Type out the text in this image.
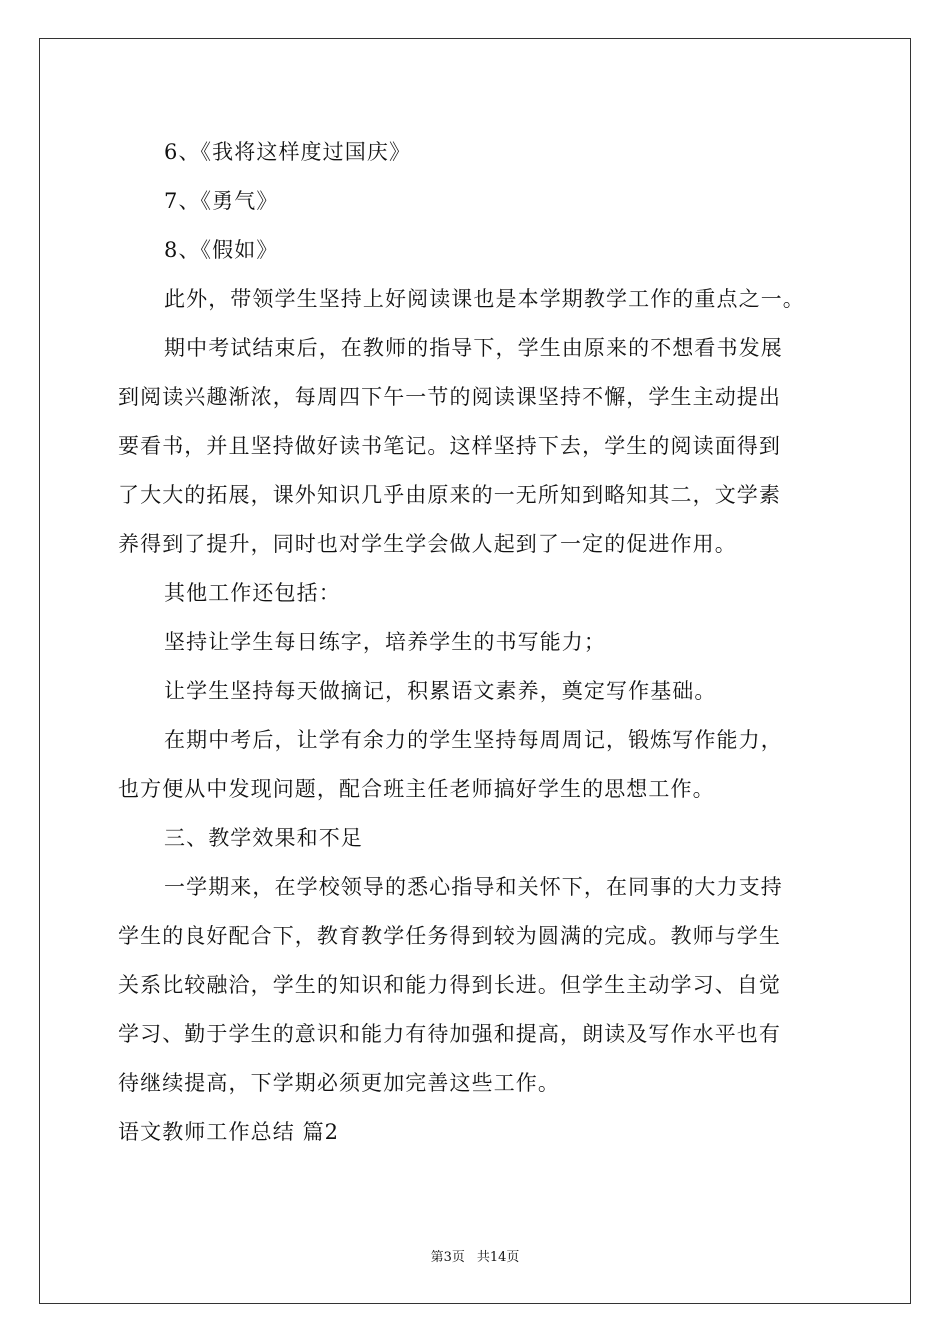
6、《我将这样度过国庆》
7、《勇气》
8、《假如》
此外，带领学生坚持上好阅读课也是本学期教学工作的重点之一。
期中考试结束后，在教师的指导下，学生由原来的不想看书发展
到阅读兴趣渐浓，每周四下午一节的阅读课坚持不懈，学生主动提出
要看书，并且坚持做好读书笔记。这样坚持下去，学生的阅读面得到
了大大的拓展，课外知识几乎由原来的一无所知到略知其二，文学素
养得到了提升，同时也对学生学会做人起到了一定的促进作用。
其他工作还包括：
坚持让学生每日练字，培养学生的书写能力；
让学生坚持每天做摘记，积累语文素养，奠定写作基础。
在期中考后，让学有余力的学生坚持每周周记，锻炼写作能力，
也方便从中发现问题，配合班主任老师搞好学生的思想工作。
三、教学效果和不足
一学期来，在学校领导的悉心指导和关怀下，在同事的大力支持
学生的良好配合下，教育教学任务得到较为圆满的完成。教师与学生
关系比较融洽，学生的知识和能力得到长进。但学生主动学习、自觉
学习、勤于学生的意识和能力有待加强和提高，朗读及写作水平也有
待继续提高，下学期必须更加完善这些工作。
语文教师工作总结 篇2
第3页 共14页
